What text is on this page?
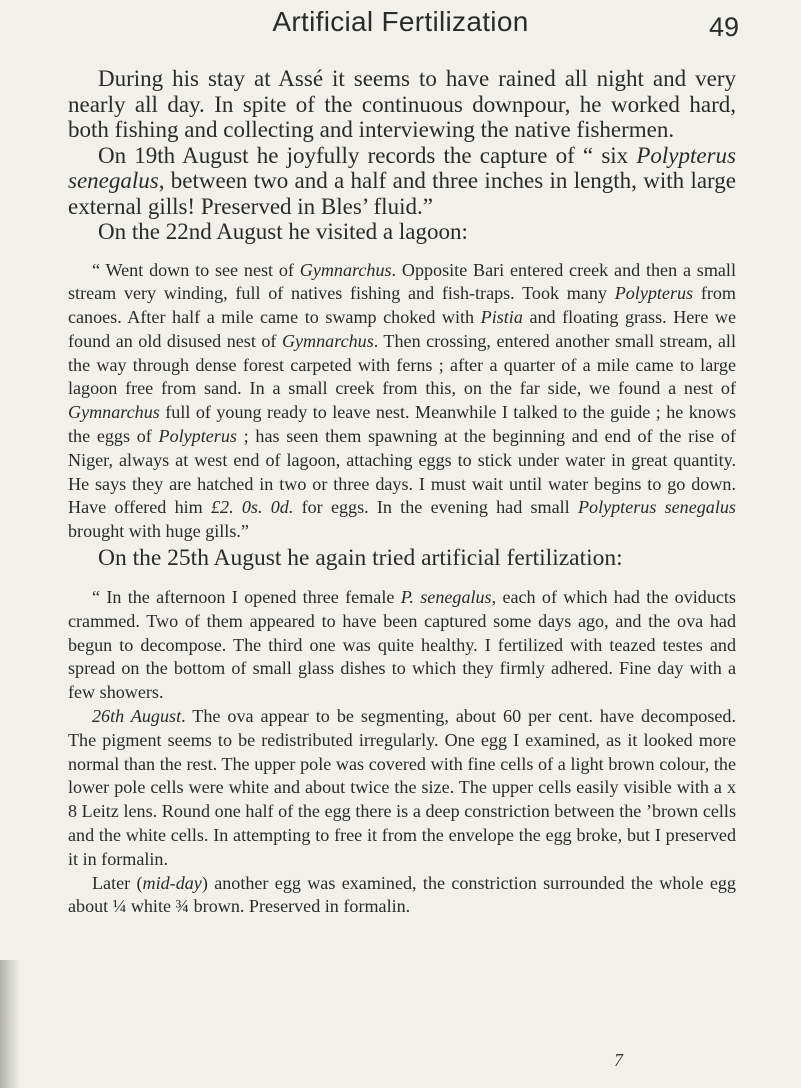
Artificial Fertilization	49

During his stay at Assé it seems to have rained all night and very nearly all day. In spite of the continuous downpour, he worked hard, both fishing and collecting and interviewing the native fishermen.

On 19th August he joyfully records the capture of “ six Polypterus senegalus, between two and a half and three inches in length, with large external gills! Preserved in Bles’ fluid.”

On the 22nd August he visited a lagoon:

“ Went down to see nest of Gymnarchus. Opposite Bari entered creek and then a small stream very winding, full of natives fishing and fish-traps. Took many Polypterus from canoes. After half a mile came to swamp choked with Pistia and floating grass. Here we found an old disused nest of Gymnarchus. Then crossing, entered another small stream, all the way through dense forest carpeted with ferns ; after a quarter of a mile came to large lagoon free from sand. In a small creek from this, on the far side, we found a nest of Gymnarchus full of young ready to leave nest. Meanwhile I talked to the guide ; he knows the eggs of Polypterus ; has seen them spawning at the beginning and end of the rise of Niger, always at west end of lagoon, attaching eggs to stick under water in great quantity. He says they are hatched in two or three days. I must wait until water begins to go down. Have offered him £2. 0s. 0d. for eggs. In the evening had small Polypterus senegalus brought with huge gills.”

On the 25th August he again tried artificial fertilization:

“ In the afternoon I opened three female P. senegalus, each of which had the oviducts crammed. Two of them appeared to have been captured some days ago, and the ova had begun to decompose. The third one was quite healthy. I fertilized with teazed testes and spread on the bottom of small glass dishes to which they firmly adhered. Fine day with a few showers.

26th August. The ova appear to be segmenting, about 60 per cent. have decomposed. The pigment seems to be redistributed irregularly. One egg I examined, as it looked more normal than the rest. The upper pole was covered with fine cells of a light brown colour, the lower pole cells were white and about twice the size. The upper cells easily visible with a x 8 Leitz lens. Round one half of the egg there is a deep constriction between the ’brown cells and the white cells. In attempting to free it from the envelope the egg broke, but I preserved it in formalin.

Later (mid-day) another egg was examined, the constriction surrounded the whole egg about ¼ white ¾ brown. Preserved in formalin.

7
